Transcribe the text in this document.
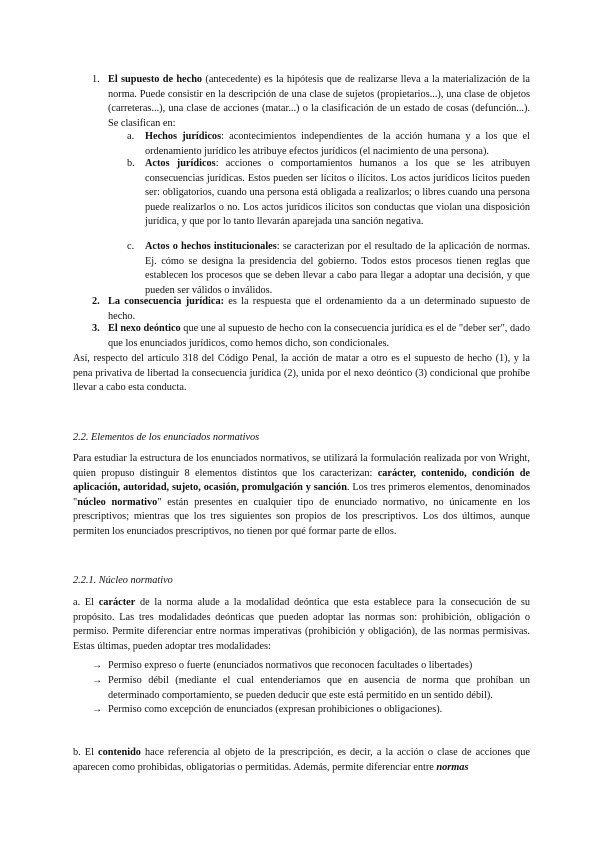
1. El supuesto de hecho (antecedente) es la hipótesis que de realizarse lleva a la materialización de la norma. Puede consistir en la descripción de una clase de sujetos (propietarios...), una clase de objetos (carreteras...), una clase de acciones (matar...) o la clasificación de un estado de cosas (defunción...). Se clasifican en:

a.	Hechos jurídicos: acontecimientos independientes de la acción humana y a los que el ordenamiento jurídico les atribuye efectos jurídicos (el nacimiento de una persona).

b. Actos jurídicos: acciones o comportamientos humanos a los que se les atribuyen consecuencias jurídicas. Estos pueden ser lícitos o ilícitos. Los actos jurídicos lícitos pueden ser: obligatorios, cuando una persona está obligada a realizarlos; o libres cuando una persona puede realizarlos o no. Los actos jurídicos ilícitos son conductas que violan una disposición jurídica, y que por lo tanto llevarán aparejada una sanción negativa.

c.	Actos o hechos institucionales: se caracterizan por el resultado de la aplicación de normas. Ej. cómo se designa la presidencia del gobierno. Todos estos procesos tienen reglas que establecen los procesos que se deben llevar a cabo para llegar a adoptar una decisión, y que pueden ser válidos o inválidos.

2. La consecuencia jurídica: es la respuesta que el ordenamiento da a un determinado supuesto de hecho.

3. El nexo deóntico que une al supuesto de hecho con la consecuencia jurídica es el de "deber ser", dado que los enunciados jurídicos, como hemos dicho, son condicionales.

Así, respecto del artículo 318 del Código Penal, la acción de matar a otro es el supuesto de hecho (1), y la pena privativa de libertad la consecuencia jurídica (2), unida por el nexo deóntico (3) condicional que prohíbe llevar a cabo esta conducta.

2.2. Elementos de los enunciados normativos

Para estudiar la estructura de los enunciados normativos, se utilizará la formulación realizada por von Wright, quien propuso distinguir 8 elementos distintos que los caracterizan: carácter, contenido, condición de aplicación, autoridad, sujeto, ocasión, promulgación y sanción. Los tres primeros elementos, denominados "núcleo normativo" están presentes en cualquier tipo de enunciado normativo, no únicamente en los prescriptivos; mientras que los tres siguientes son propios de los prescriptivos. Los dos últimos, aunque permiten los enunciados prescriptivos, no tienen por qué formar parte de ellos.

2.2.1. Núcleo normativo

a. El carácter de la norma alude a la modalidad deóntica que esta establece para la consecución de su propósito. Las tres modalidades deónticas que pueden adoptar las normas son: prohibición, obligación o permiso. Permite diferenciar entre normas imperativas (prohibición y obligación), de las normas permisivas. Estas últimas, pueden adoptar tres modalidades:

→ Permiso expreso o fuerte (enunciados normativos que reconocen facultades o libertades)

→ Permiso débil (mediante el cual entenderíamos que en ausencia de norma que prohíban un determinado comportamiento, se pueden deducir que este está permitido en un sentido débil).

→ Permiso como excepción de enunciados (expresan prohibiciones o obligaciones).

b. El contenido hace referencia al objeto de la prescripción, es decir, a la acción o clase de acciones que aparecen como prohibidas, obligatorias o permitidas. Además, permite diferenciar entre normas
